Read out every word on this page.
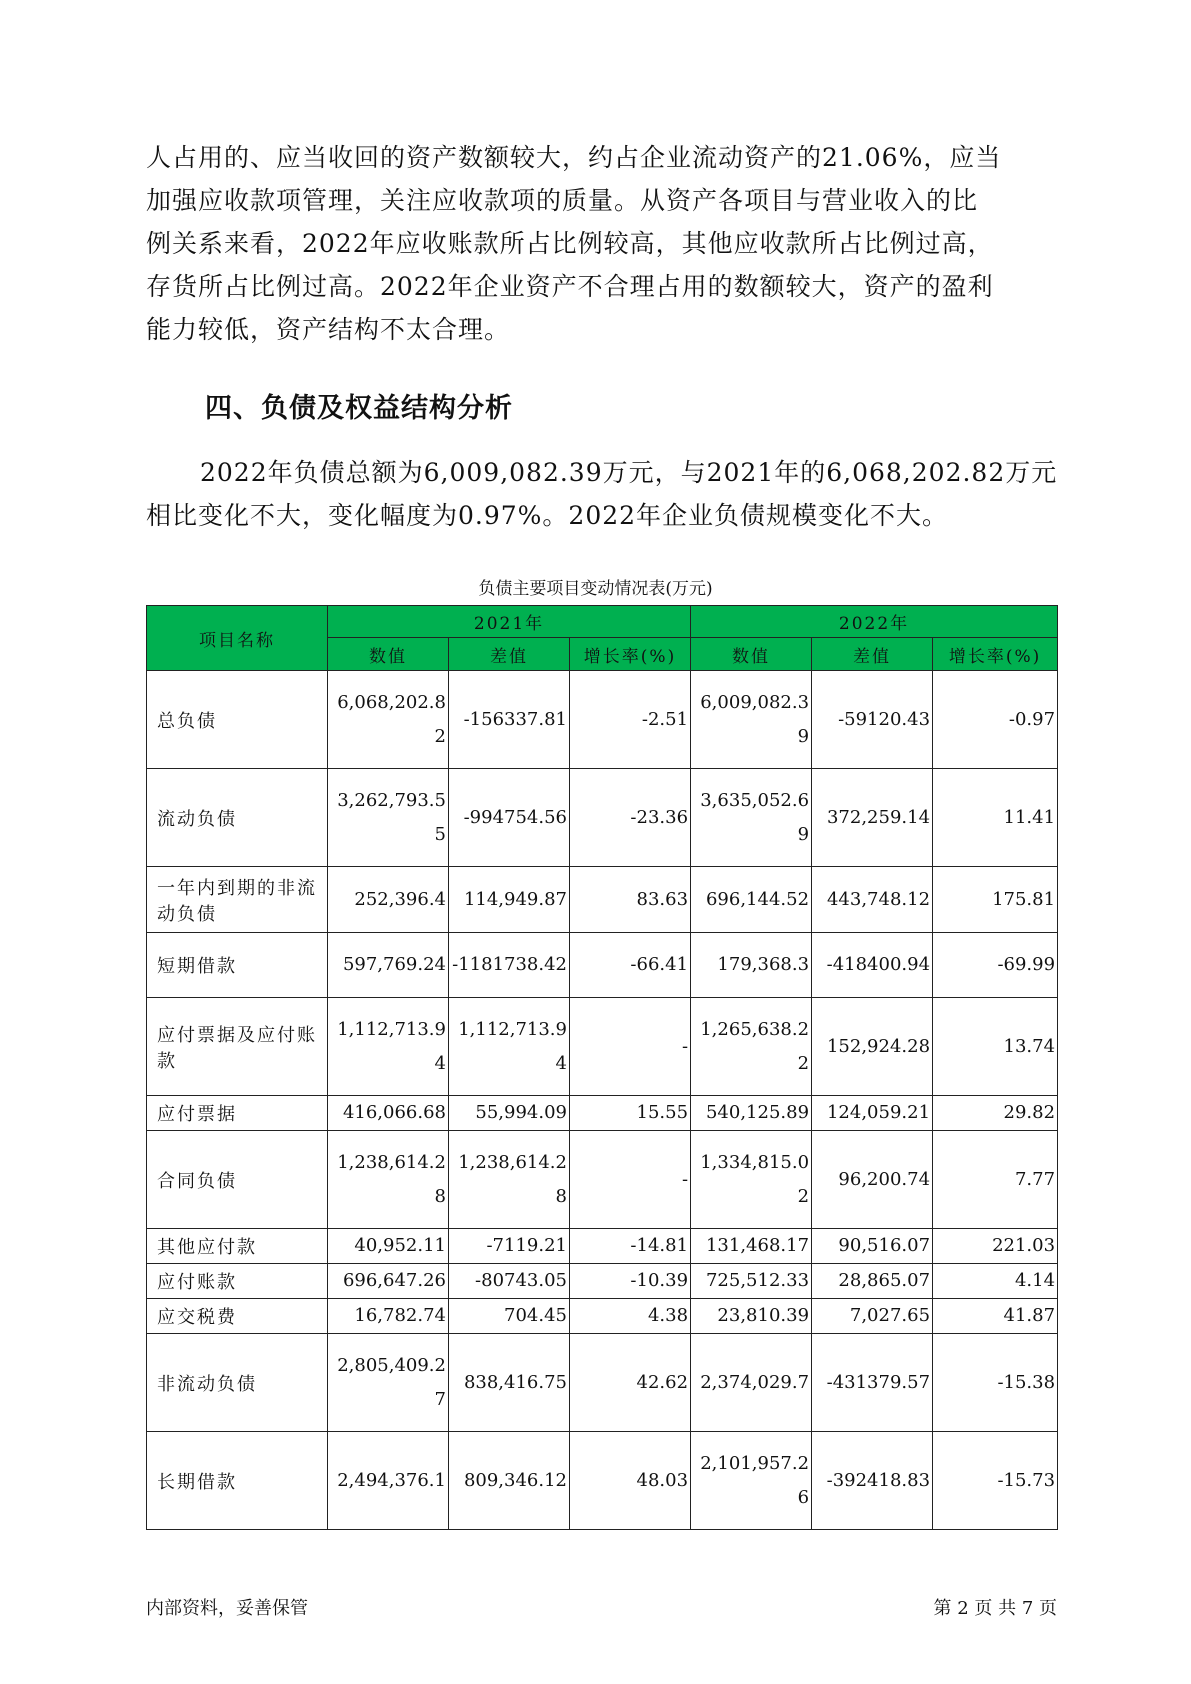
人占用的、应当收回的资产数额较大，约占企业流动资产的21.06%，应当

加强应收款项管理，关注应收款项的质量。从资产各项目与营业收入的比

例关系来看，2022年应收账款所占比例较高，其他应收款所占比例过高，

存货所占比例过高。2022年企业资产不合理占用的数额较大，资产的盈利

能力较低，资产结构不太合理。

四、负债及权益结构分析

2022年负债总额为6,009,082.39万元，与2021年的6,068,202.82万元

相比变化不大，变化幅度为0.97%。2022年企业负债规模变化不大。

负债主要项目变动情况表(万元)
项目名称	2021年			2022年		
	数值	差值	增长率(%)	数值	差值	增长率(%)
总负债	6,068,202.82	-156337.81	-2.51	6,009,082.39	-59120.43	-0.97
流动负债	3,262,793.55	-994754.56	-23.36	3,635,052.69	372,259.14	11.41
一年内到期的非流动负债	252,396.4	114,949.87	83.63	696,144.52	443,748.12	175.81
短期借款	597,769.24	-1181738.42	-66.41	179,368.3	-418400.94	-69.99
应付票据及应付账款	1,112,713.94	1,112,713.94	-	1,265,638.22	152,924.28	13.74
应付票据	416,066.68	55,994.09	15.55	540,125.89	124,059.21	29.82
合同负债	1,238,614.28	1,238,614.28	-	1,334,815.02	96,200.74	7.77
其他应付款	40,952.11	-7119.21	-14.81	131,468.17	90,516.07	221.03
应付账款	696,647.26	-80743.05	-10.39	725,512.33	28,865.07	4.14
应交税费	16,782.74	704.45	4.38	23,810.39	7,027.65	41.87
非流动负债	2,805,409.27	838,416.75	42.62	2,374,029.7	-431379.57	-15.38
长期借款	2,494,376.1	809,346.12	48.03	2,101,957.26	-392418.83	-15.73
内部资料，妥善保管	第 2 页 共 7 页
